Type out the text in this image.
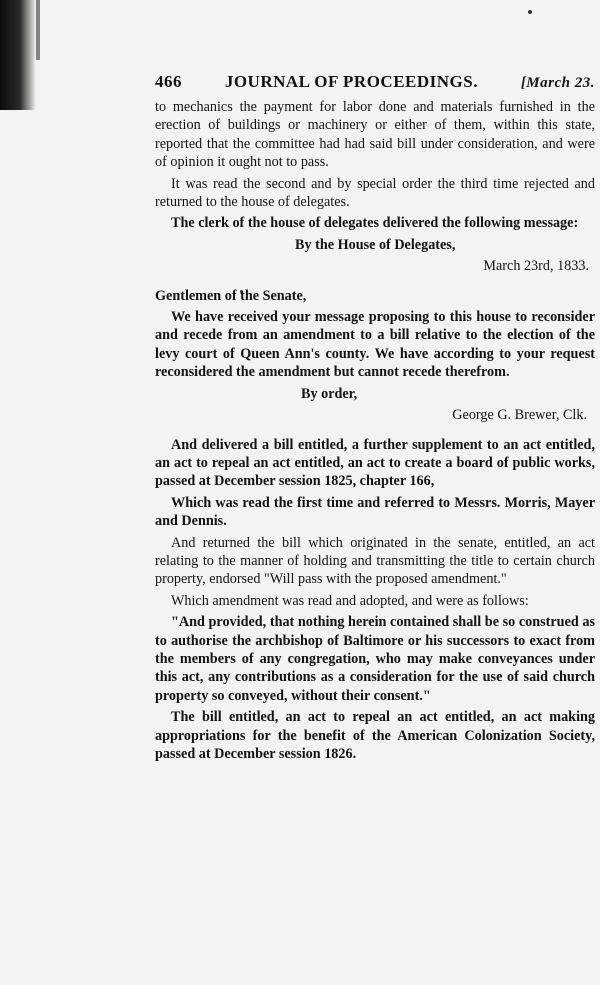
466	JOURNAL OF PROCEEDINGS.	[March 23.

to mechanics the payment for labor done and materials furnished in the erection of buildings or machinery or either of them, within this state, reported that the committee had had said bill under consideration, and were of opinion it ought not to pass.

It was read the second and by special order the third time rejected and returned to the house of delegates.

The clerk of the house of delegates delivered the following message:

By the House of Delegates,

March 23rd, 1833.

Gentlemen of the Senate,

We have received your message proposing to this house to reconsider and recede from an amendment to a bill relative to the election of the levy court of Queen Ann's county. We have according to your request reconsidered the amendment but cannot recede therefrom.

By order,

George G. Brewer, Clk.

And delivered a bill entitled, a further supplement to an act entitled, an act to repeal an act entitled, an act to create a board of public works, passed at December session 1825, chapter 166,

Which was read the first time and referred to Messrs. Morris, Mayer and Dennis.

And returned the bill which originated in the senate, entitled, an act relating to the manner of holding and transmitting the title to certain church property, endorsed "Will pass with the proposed amendment."

Which amendment was read and adopted, and were as follows:

"And provided, that nothing herein contained shall be so construed as to authorise the archbishop of Baltimore or his successors to exact from the members of any congregation, who may make conveyances under this act, any contributions as a consideration for the use of said church property so conveyed, without their consent."

The bill entitled, an act to repeal an act entitled, an act making appropriations for the benefit of the American Colonization Society, passed at December session 1826.
